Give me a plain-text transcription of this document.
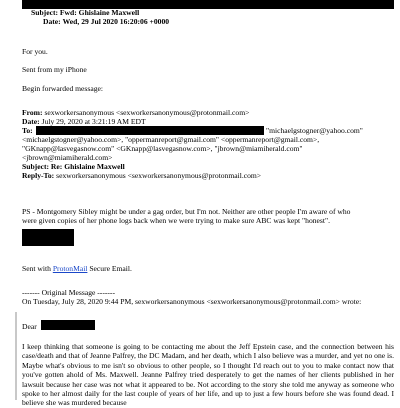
Subject: Fwd: Ghislaine Maxwell
Date: Wed, 29 Jul 2020 16:20:06 +0000
For you.
Sent from my iPhone
Begin forwarded message:
From: sexworkersanonymous <sexworkersanonymous@protonmail.com>
Date: July 29, 2020 at 3:21:19 AM EDT
To:	"michaelgstogner@yahoo.com"
<michaelgstogner@yahoo.com>, "oppermanreport@gmail.com" <oppermanreport@gmail.com>,
"GKnapp@lasvegasnow.com" <GKnapp@lasvegasnow.com>, "jbrown@miamiherald.com"
<jbrown@miamiherald.com>
Subject: Re: Ghislaine Maxwell
Reply-To: sexworkersanonymous <sexworkersanonymous@protonmail.com>
PS - Montgomery Sibley might be under a gag order, but I'm not. Neither are other people I'm aware of who
were given copies of her phone logs back when we were trying to make sure ABC was kept "honest".
Sent with ProtonMail Secure Email.
------- Original Message -------
On Tuesday, July 28, 2020 9:44 PM, sexworkersanonymous <sexworkersanonymous@protonmail.com> wrote:
Dear
I keep thinking that someone is going to be contacting me about the Jeff Epstein case, and the connection between his case/death and that of Jeanne Palfrey, the DC Madam, and her death, which I also believe was a murder, and yet no one is. Maybe what's obvious to me isn't so obvious to other people, so I thought I'd reach out to you to make contact now that you've gotten ahold of Ms. Maxwell. Jeanne Palfrey tried desperately to get the names of her clients published in her lawsuit because her case was not what it appeared to be. Not according to the story she told me anyway as someone who spoke to her almost daily for the last couple of years of her life, and up to just a few hours before she was found dead. I believe she was murdered because
